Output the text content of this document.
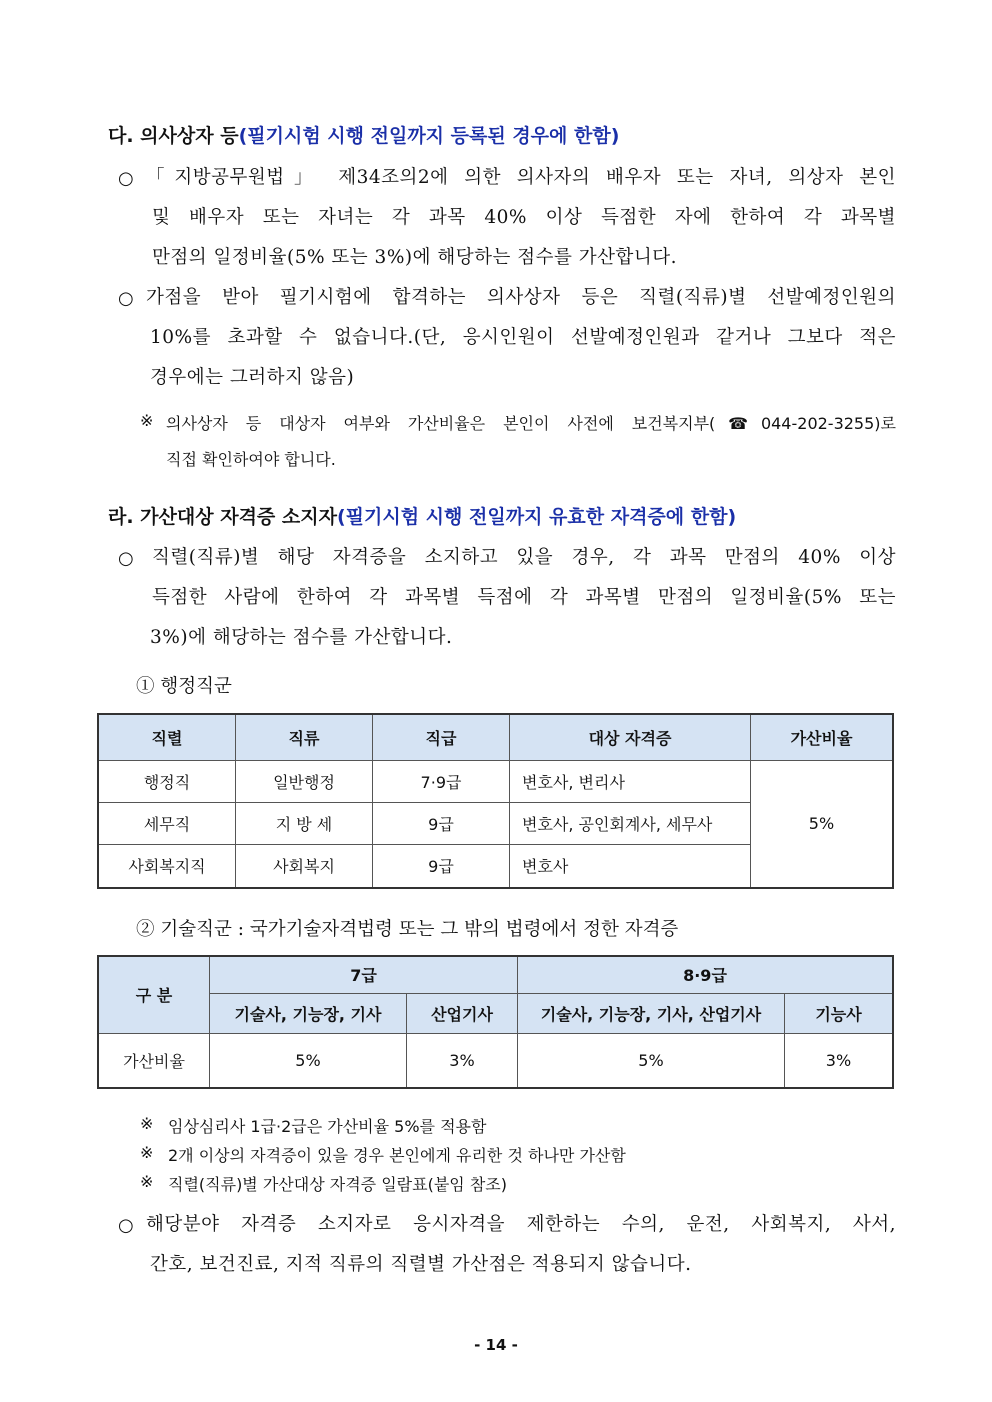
다. 의사상자 등(필기시험 시행 전일까지 등록된 경우에 한함)
○ 「지방공무원법」 제34조의2에 의한 의사자의 배우자 또는 자녀, 의상자 본인
및 배우자 또는 자녀는 각 과목 40% 이상 득점한 자에 한하여 각 과목별
만점의 일정비율(5% 또는 3%)에 해당하는 점수를 가산합니다.
○ 가점을 받아 필기시험에 합격하는 의사상자 등은 직렬(직류)별 선발예정인원의
10%를 초과할 수 없습니다.(단, 응시인원이 선발예정인원과 같거나 그보다 적은
경우에는 그러하지 않음)
※ 의사상자 등 대상자 여부와 가산비율은 본인이 사전에 보건복지부(☎044-202-3255)로
직접 확인하여야 합니다.
라. 가산대상 자격증 소지자(필기시험 시행 전일까지 유효한 자격증에 한함)
○ 직렬(직류)별 해당 자격증을 소지하고 있을 경우, 각 과목 만점의 40% 이상
득점한 사람에 한하여 각 과목별 득점에 각 과목별 만점의 일정비율(5% 또는
3%)에 해당하는 점수를 가산합니다.
① 행정직군
직렬	직류	직급	대상 자격증	가산비율
행정직	일반행정	7·9급	변호사, 변리사	5%
세무직	지 방 세	9급	변호사, 공인회계사, 세무사	
사회복지직	사회복지	9급	변호사	
② 기술직군 : 국가기술자격법령 또는 그 밖의 법령에서 정한 자격증
구 분	7급		8·9급	
	기술사, 기능장, 기사	산업기사	기술사, 기능장, 기사, 산업기사	기능사
가산비율	5%	3%	5%	3%
※ 임상심리사 1급·2급은 가산비율 5%를 적용함
※ 2개 이상의 자격증이 있을 경우 본인에게 유리한 것 하나만 가산함
※ 직렬(직류)별 가산대상 자격증 일람표(붙임 참조)
○ 해당분야 자격증 소지자로 응시자격을 제한하는 수의, 운전, 사회복지, 사서,
간호, 보건진료, 지적 직류의 직렬별 가산점은 적용되지 않습니다.
- 14 -
